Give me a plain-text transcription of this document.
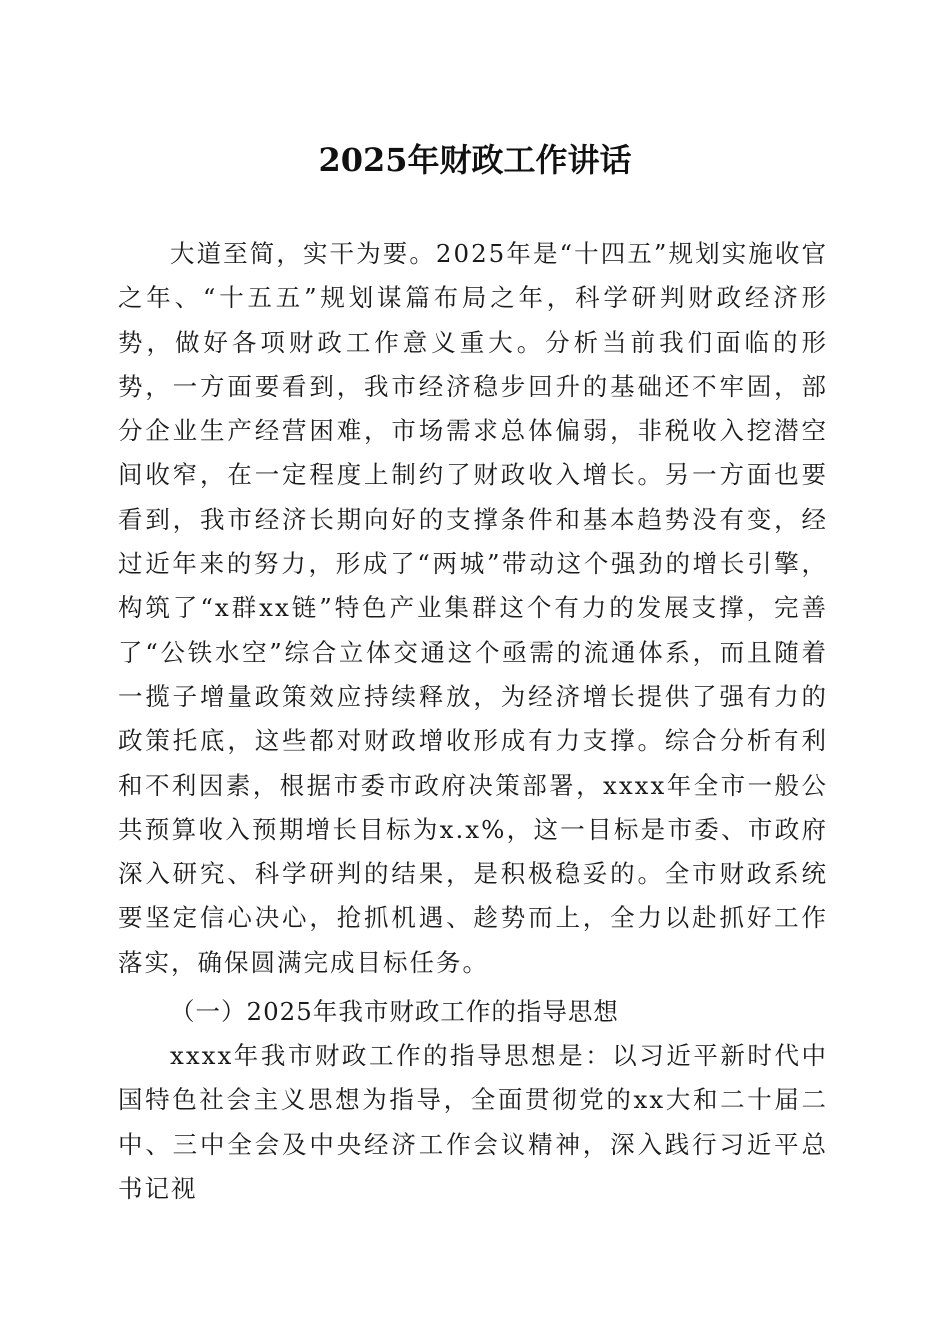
2025年财政工作讲话

大道至简，实干为要。2025年是“十四五”规划实施收官之年、“十五五”规划谋篇布局之年，科学研判财政经济形势，做好各项财政工作意义重大。分析当前我们面临的形势，一方面要看到，我市经济稳步回升的基础还不牢固，部分企业生产经营困难，市场需求总体偏弱，非税收入挖潜空间收窄，在一定程度上制约了财政收入增长。另一方面也要看到，我市经济长期向好的支撑条件和基本趋势没有变，经过近年来的努力，形成了“两城”带动这个强劲的增长引擎，构筑了“x群xx链”特色产业集群这个有力的发展支撑，完善了“公铁水空”综合立体交通这个亟需的流通体系，而且随着一揽子增量政策效应持续释放，为经济增长提供了强有力的政策托底，这些都对财政增收形成有力支撑。综合分析有利和不利因素，根据市委市政府决策部署，xxxx年全市一般公共预算收入预期增长目标为x.x%，这一目标是市委、市政府深入研究、科学研判的结果，是积极稳妥的。全市财政系统要坚定信心决心，抢抓机遇、趁势而上，全力以赴抓好工作落实，确保圆满完成目标任务。

（一）2025年我市财政工作的指导思想

xxxx年我市财政工作的指导思想是：以习近平新时代中国特色社会主义思想为指导，全面贯彻党的xx大和二十届二中、三中全会及中央经济工作会议精神，深入践行习近平总书记视
